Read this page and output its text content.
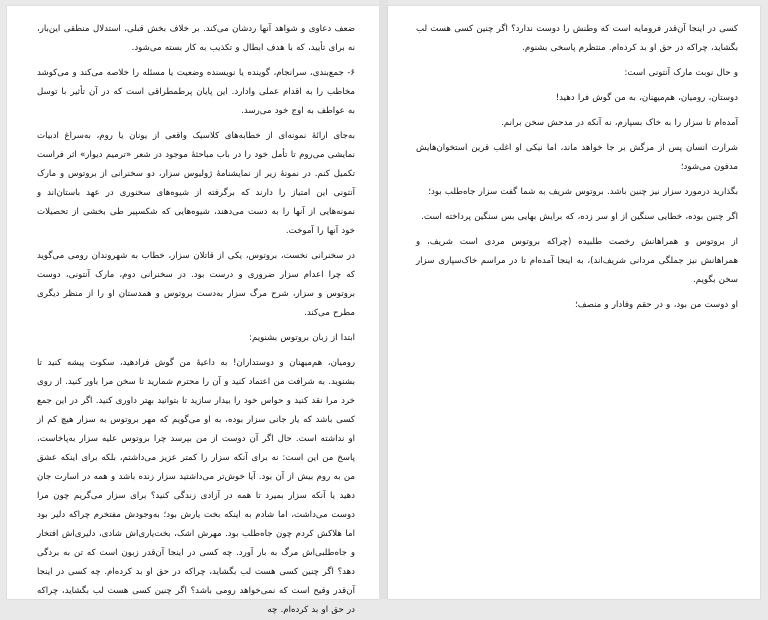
ضعف دعاوی و شواهد آنها رد‌شان می‌کند. بر خلاف بخش قبلی، استدلال منطقی این‌بار، نه برای تأیید، که با هدف ابطال و تکذیب به کار بسته می‌شود.

۶- جمع‌بندی، سرانجام، گوینده یا نویسنده وضعیت یا مسئله را خلاصه می‌کند و می‌کوشد مخاطب را به اقدام عملی وادارد. این پایان پرطمطراقی است که در آن تأثیر با توسل به عواطف به اوج خود می‌رسد.

به‌جای ارائهٔ نمونه‌ای از خطابه‌های کلاسیک واقعی از یونان یا روم، به‌سراغ ادبیات نمایشی می‌روم تا تأمل خود را در باب مباحثهٔ موجود در شعر «ترمیم دیوار» اثر فراست تکمیل کنم. در نمونهٔ زیر از نمایشنامهٔ ژولیوس سزار، دو سخنرانی از بروتوس و مارک آنتونی این امتیاز را دارند که برگرفته از شیوه‌های سخنوری در عهد باستان‌اند و نمونه‌هایی از آنها را به دست می‌دهند، شیوه‌هایی که شکسپیر طی بخشی از تحصیلات خود آنها را آموخت.

در سخنرانی نخست، بروتوس، یکی از قاتلان سزار، خطاب به شهروندان رومی می‌گوید که چرا اعدام سزار ضروری و درست بود. در سخنرانی دوم، مارک آنتونی، دوست بروتوس و سزار، شرح مرگ سزار به‌دست بروتوس و همدستان او را از منظر دیگری مطرح می‌کند.

ابتدا از زبان بروتوس بشنویم:

رومیان، هم‌میهنان و دوستداران! به داعیهٔ من گوش فرادهید، سکوت پیشه کنید تا بشنوید. به شرافت من اعتماد کنید و آن را محترم شمارید تا سخن مرا باور کنید. از روی خرد مرا نقد کنید و حواس خود را بیدار سازید تا بتوانید بهتر داوری کنید. اگر در این جمع کسی باشد که یار جانی سزار بوده، به او می‌گویم که مهر بروتوس به سزار هیچ کم از او نداشته است. حال اگر آن دوست از من بپرسد چرا بروتوس علیه سزار به‌پاخاست، پاسخ من این است: نه برای آنکه سزار را کمتر عزیز می‌داشتم، بلکه برای اینکه عشق من به روم بیش از آن بود. آیا خوش‌تر می‌داشتید سزار زنده باشد و همه در اسارت جان دهید یا آنکه سزار بمیرد تا همه در آزادی زندگی کنید؟ برای سزار می‌گریم چون مرا دوست می‌داشت، اما شادم به اینکه بخت یارش بود؛ به‌وجودش مفتخرم چراکه دلیر بود اما هلاکش کردم چون جاه‌طلب بود. مهرش اشک، بخت‌یاری‌اش شادی، دلیری‌اش افتخار و جاه‌طلبی‌اش مرگ به بار آورد. چه کسی در اینجا آن‌قدر زبون است که تن به بردگی دهد؟ اگر چنین کسی هست لب بگشاید، چراکه در حق او بد کرده‌ام. چه کسی در اینجا آن‌قدر وقیح است که نمی‌خواهد رومی باشد؟ اگر چنین کسی هست لب بگشاید، چراکه در حق او بد کرده‌ام. چه

کسی در اینجا آن‌قدر فرومایه است که وطنش را دوست ندارد؟ اگر چنین کسی هست لب بگشاید، چراکه در حق او بد کرده‌ام. منتظرم پاسخی بشنوم.

و حال نوبت مارک آنتونی است:

دوستان، رومیان، هم‌میهنان، به من گوش فرا دهید!

آمده‌ام تا سزار را به خاک بسپارم، نه آنکه در مدحش سخن برانم.

شرارت انسان پس از مرگش بر جا خواهد ماند، اما نیکی او اغلب قرین استخوان‌هایش مدفون می‌شود؛

بگذارید درمورد سزار نیز چنین باشد. بروتوس شریف به شما گفت سزار جاه‌طلب بود؛

اگر چنین بوده، خطایی سنگین از او سر زده، که برایش بهایی بس سنگین پرداخته است.

از بروتوس و همراهانش رخصت طلبیده (چراکه بروتوس مردی است شریف، و همراهانش نیز جملگی مردانی شریف‌اند)، به اینجا آمده‌ام تا در مراسم خاک‌سپاری سزار سخن بگویم.

او دوست من بود، و در حقم وفادار و منصف؛
